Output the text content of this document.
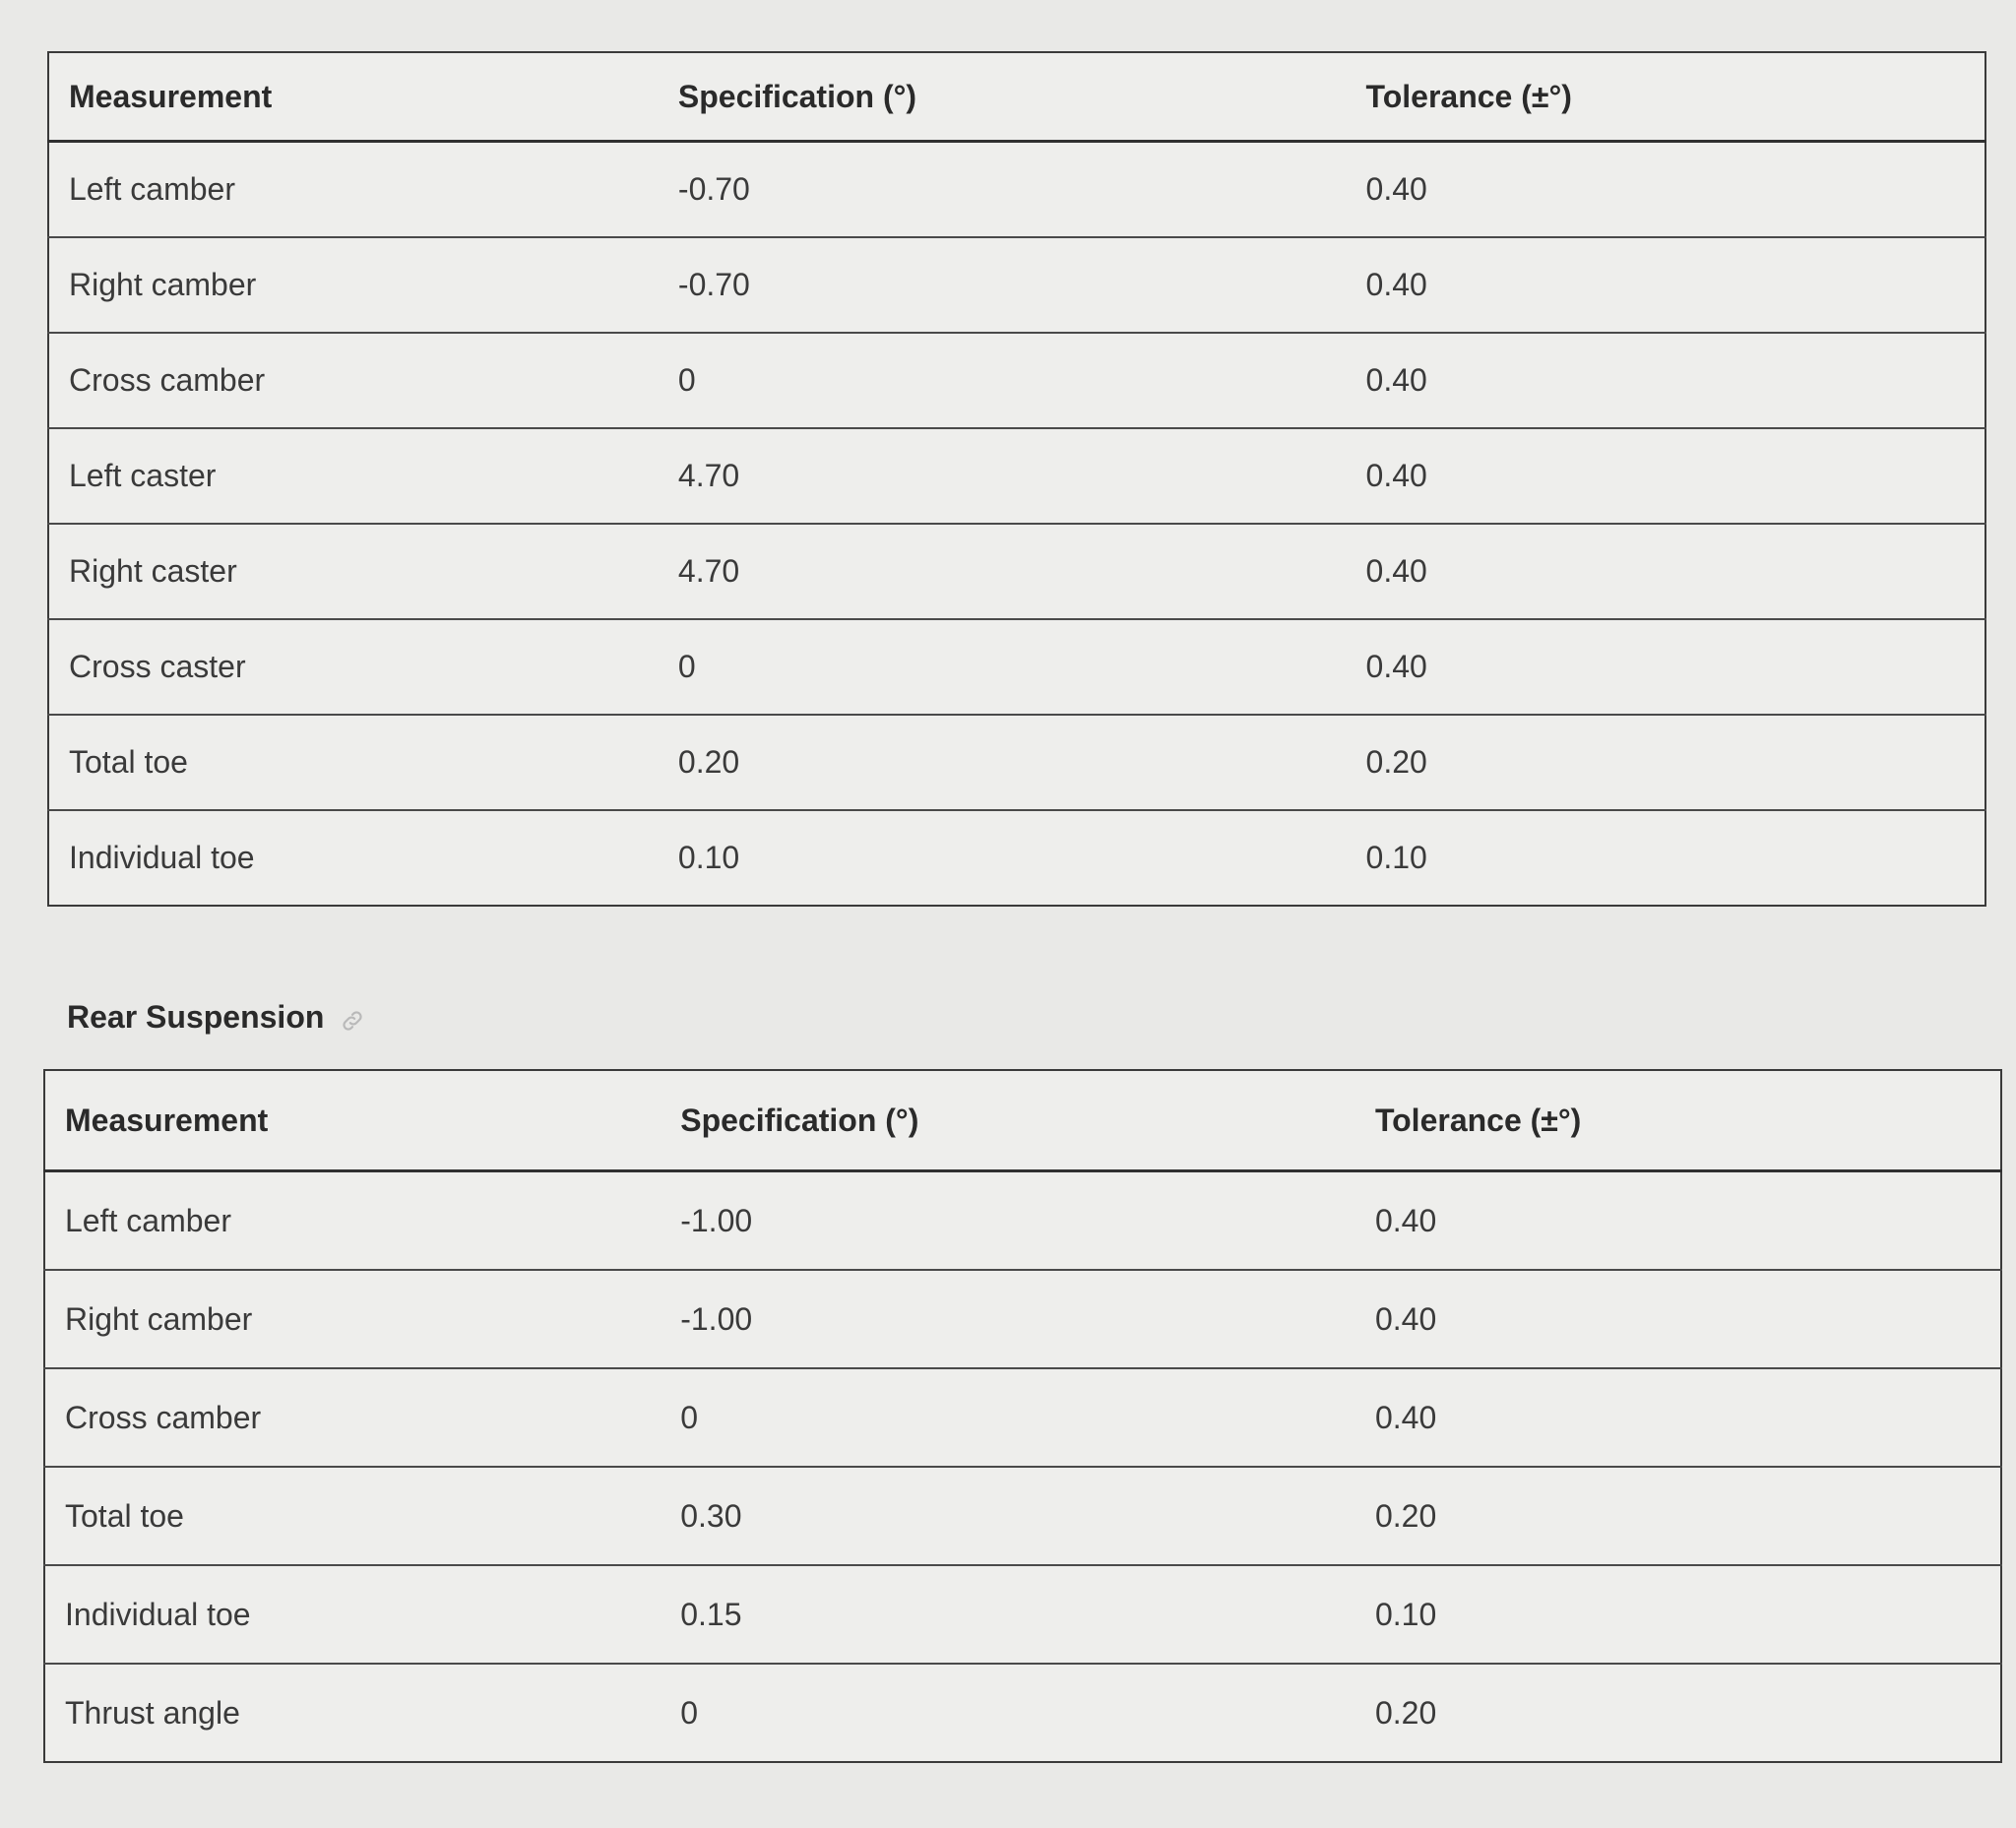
Measurement	Specification (°)	Tolerance (±°)
Left camber	-0.70	0.40
Right camber	-0.70	0.40
Cross camber	0	0.40
Left caster	4.70	0.40
Right caster	4.70	0.40
Cross caster	0	0.40
Total toe	0.20	0.20
Individual toe	0.10	0.10
Rear Suspension
Measurement	Specification (°)	Tolerance (±°)
Left camber	-1.00	0.40
Right camber	-1.00	0.40
Cross camber	0	0.40
Total toe	0.30	0.20
Individual toe	0.15	0.10
Thrust angle	0	0.20
